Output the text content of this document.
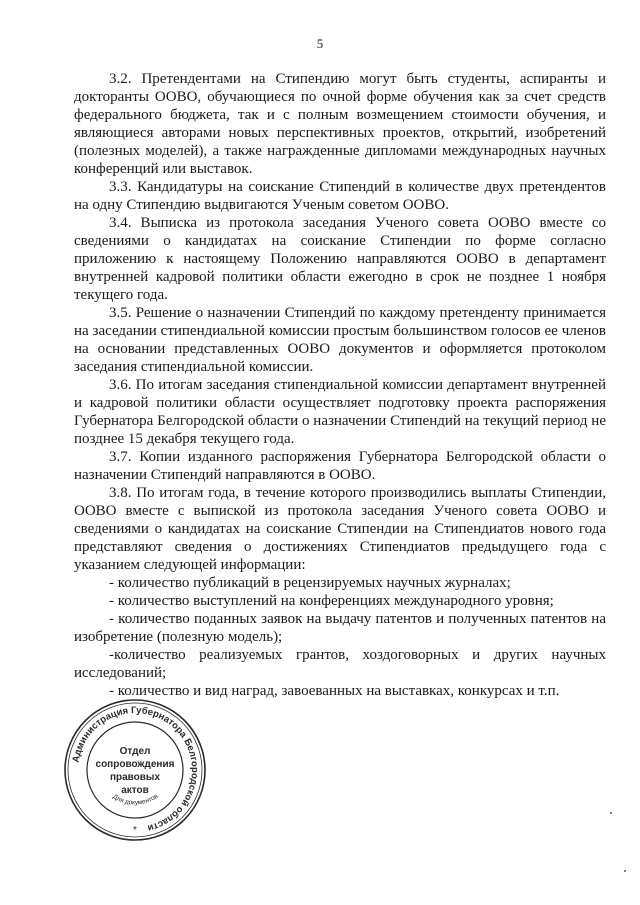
5

3.2. Претендентами на Стипендию могут быть студенты, аспиранты и докторанты ООВО, обучающиеся по очной форме обучения как за счет средств федерального бюджета, так и с полным возмещением стоимости обучения, и являющиеся авторами новых перспективных проектов, открытий, изобретений (полезных моделей), а также награжденные дипломами международных научных конференций или выставок.

3.3. Кандидатуры на соискание Стипендий в количестве двух претендентов на одну Стипендию выдвигаются Ученым советом ООВО.

3.4. Выписка из протокола заседания Ученого совета ООВО вместе со сведениями о кандидатах на соискание Стипендии по форме согласно приложению к настоящему Положению направляются ООВО в департамент внутренней кадровой политики области ежегодно в срок не позднее 1 ноября текущего года.

3.5. Решение о назначении Стипендий по каждому претенденту принимается на заседании стипендиальной комиссии простым большинством голосов ее членов на основании представленных ООВО документов и оформляется протоколом заседания стипендиальной комиссии.

3.6. По итогам заседания стипендиальной комиссии департамент внутренней и кадровой политики области осуществляет подготовку проекта распоряжения Губернатора Белгородской области о назначении Стипендий на текущий период не позднее 15 декабря текущего года.

3.7. Копии изданного распоряжения Губернатора Белгородской области о назначении Стипендий направляются в ООВО.

3.8. По итогам года, в течение которого производились выплаты Стипендии, ООВО вместе с выпиской из протокола заседания Ученого совета ООВО и сведениями о кандидатах на соискание Стипендии на Стипендиатов нового года представляют сведения о достижениях Стипендиатов предыдущего года с указанием следующей информации:

- количество публикаций в рецензируемых научных журналах;

- количество выступлений на конференциях международного уровня;

- количество поданных заявок на выдачу патентов и полученных патентов на изобретение (полезную модель);

-количество реализуемых грантов, хоздоговорных и других научных исследований;

- количество и вид наград, завоеванных на выставках, конкурсах и т.п.

Администрация Губернатора Белгородской области
Для документов
Отдел
сопровождения
правовых
актов
*
